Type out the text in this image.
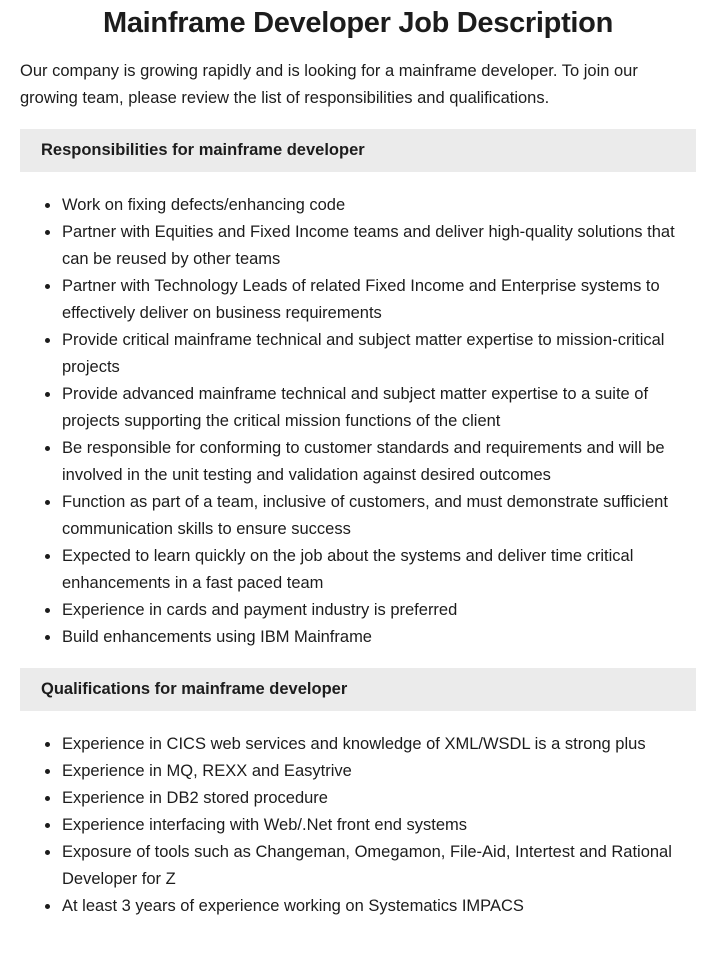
Mainframe Developer Job Description

Our company is growing rapidly and is looking for a mainframe developer. To join our growing team, please review the list of responsibilities and qualifications.

Responsibilities for mainframe developer
Work on fixing defects/enhancing code
Partner with Equities and Fixed Income teams and deliver high-quality solutions that can be reused by other teams
Partner with Technology Leads of related Fixed Income and Enterprise systems to effectively deliver on business requirements
Provide critical mainframe technical and subject matter expertise to mission-critical projects
Provide advanced mainframe technical and subject matter expertise to a suite of projects supporting the critical mission functions of the client
Be responsible for conforming to customer standards and requirements and will be involved in the unit testing and validation against desired outcomes
Function as part of a team, inclusive of customers, and must demonstrate sufficient communication skills to ensure success
Expected to learn quickly on the job about the systems and deliver time critical enhancements in a fast paced team
Experience in cards and payment industry is preferred
Build enhancements using IBM Mainframe
Qualifications for mainframe developer
Experience in CICS web services and knowledge of XML/WSDL is a strong plus
Experience in MQ, REXX and Easytrive
Experience in DB2 stored procedure
Experience interfacing with Web/.Net front end systems
Exposure of tools such as Changeman, Omegamon, File-Aid, Intertest and Rational Developer for Z
At least 3 years of experience working on Systematics IMPACS
